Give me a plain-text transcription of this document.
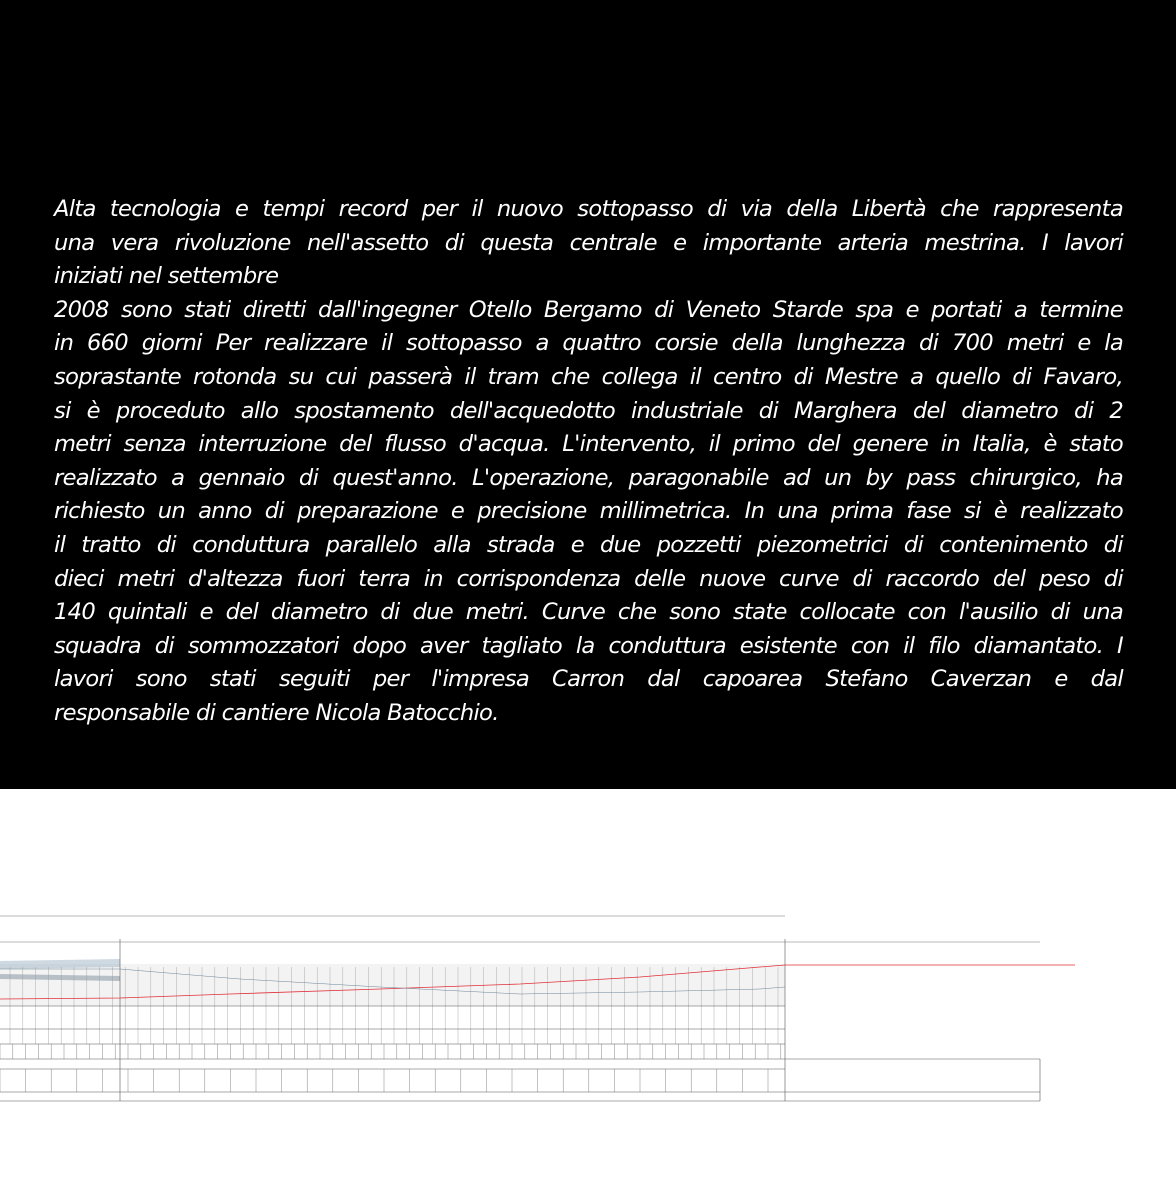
Alta tecnologia e tempi record per il nuovo sottopasso di via della Libertà che rappresenta
una vera rivoluzione nell'assetto di questa centrale e importante arteria mestrina. I lavori
iniziati nel settembre
2008 sono stati diretti dall'ingegner Otello Bergamo di Veneto Starde spa e portati a termine
in 660 giorni Per realizzare il sottopasso a quattro corsie della lunghezza di 700 metri e la
soprastante rotonda su cui passerà il tram che collega il centro di Mestre a quello di Favaro,
si è proceduto allo spostamento dell'acquedotto industriale di Marghera del diametro di 2
metri senza interruzione del flusso d'acqua. L'intervento, il primo del genere in Italia, è stato
realizzato a gennaio di quest'anno. L'operazione, paragonabile ad un by pass chirurgico, ha
richiesto un anno di preparazione e precisione millimetrica. In una prima fase si è realizzato
il tratto di conduttura parallelo alla strada e due pozzetti piezometrici di contenimento di
dieci metri d'altezza fuori terra in corrispondenza delle nuove curve di raccordo del peso di
140 quintali e del diametro di due metri. Curve che sono state collocate con l'ausilio di una
squadra di sommozzatori dopo aver tagliato la conduttura esistente con il filo diamantato. I
lavori sono stati seguiti per l'impresa Carron dal capoarea Stefano Caverzan e dal
responsabile di cantiere Nicola Batocchio.
